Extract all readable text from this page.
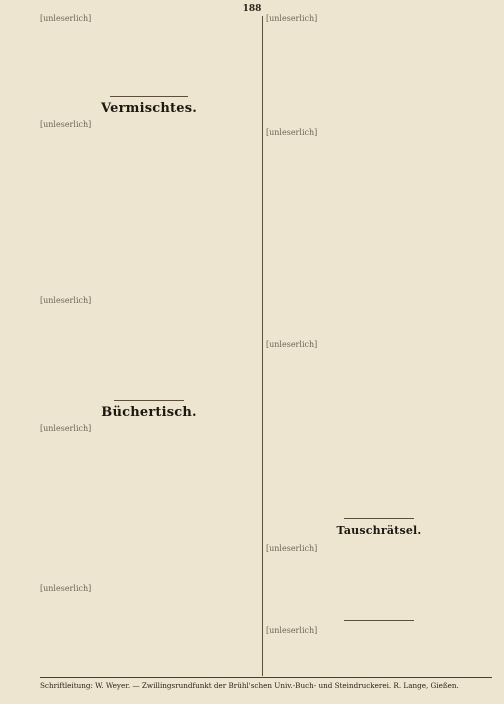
188
[unleserlich]
Vermischtes.
[unleserlich]
[unleserlich]
Büchertisch.
[unleserlich]
[unleserlich]
[unleserlich]
[unleserlich]
[unleserlich]
Tauschrätsel.
[unleserlich]
[unleserlich]
Schriftleitung: W. Weyer. — Zwillingsrundfunkt der Brühl'schen Univ.-Buch- und Steindruckerei. R. Lange, Gießen.
